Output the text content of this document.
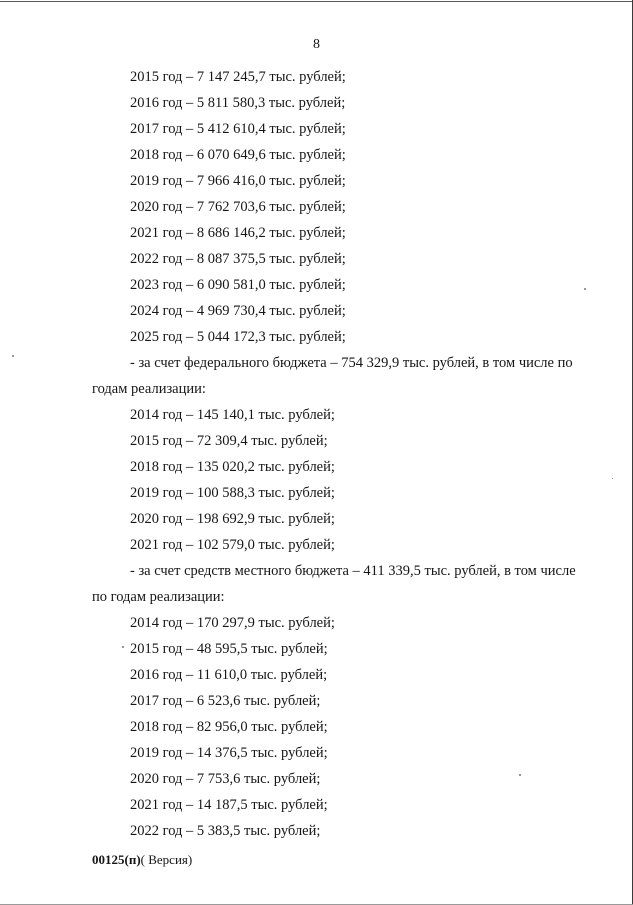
8
2015 год – 7 147 245,7 тыс. рублей;
2016 год – 5 811 580,3 тыс. рублей;
2017 год – 5 412 610,4 тыс. рублей;
2018 год – 6 070 649,6 тыс. рублей;
2019 год – 7 966 416,0 тыс. рублей;
2020 год – 7 762 703,6 тыс. рублей;
2021 год – 8 686 146,2 тыс. рублей;
2022 год – 8 087 375,5 тыс. рублей;
2023 год – 6 090 581,0 тыс. рублей;
2024 год – 4 969 730,4 тыс. рублей;
2025 год – 5 044 172,3 тыс. рублей;
- за счет федерального бюджета – 754 329,9 тыс. рублей, в том числе по
годам реализации:
2014 год – 145 140,1 тыс. рублей;
2015 год – 72 309,4 тыс. рублей;
2018 год – 135 020,2 тыс. рублей;
2019 год – 100 588,3 тыс. рублей;
2020 год – 198 692,9 тыс. рублей;
2021 год – 102 579,0 тыс. рублей;
- за счет средств местного бюджета – 411 339,5 тыс. рублей, в том числе
по годам реализации:
2014 год – 170 297,9 тыс. рублей;
2015 год – 48 595,5 тыс. рублей;
2016 год – 11 610,0 тыс. рублей;
2017 год – 6 523,6 тыс. рублей;
2018 год – 82 956,0 тыс. рублей;
2019 год – 14 376,5 тыс. рублей;
2020 год – 7 753,6 тыс. рублей;
2021 год – 14 187,5 тыс. рублей;
2022 год – 5 383,5 тыс. рублей;
00125(п)( Версия)
